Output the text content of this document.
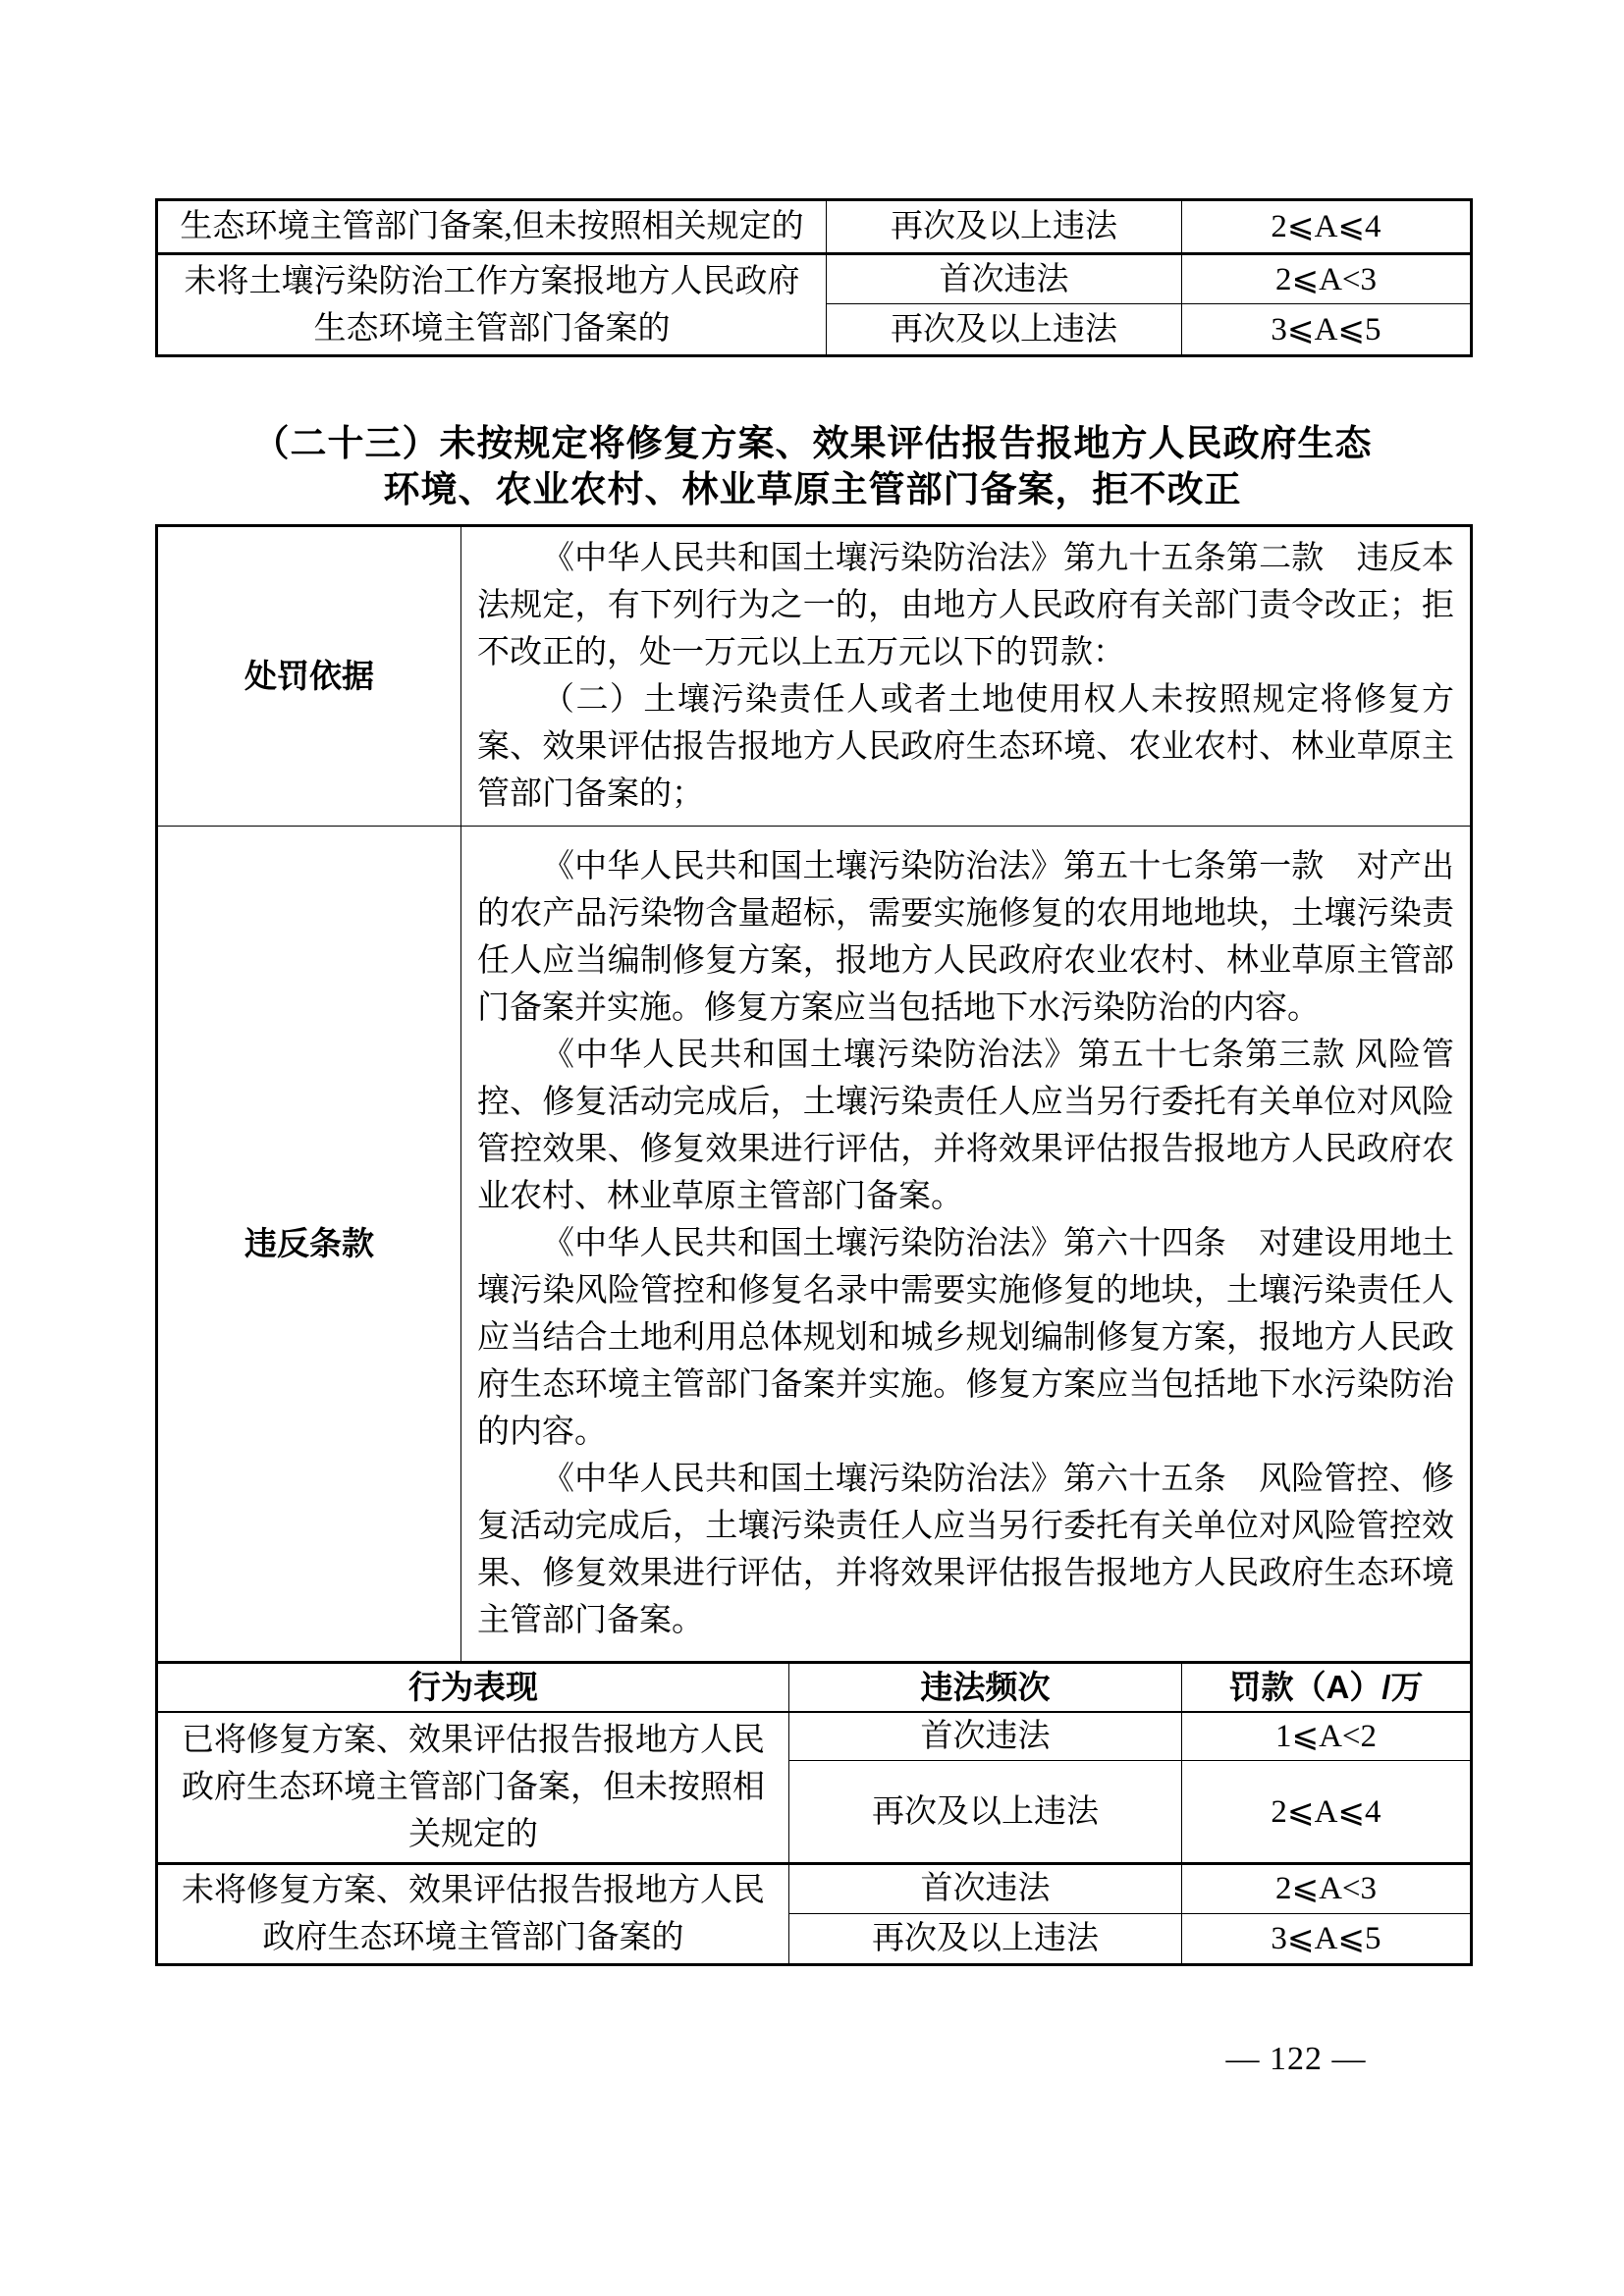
生态环境主管部门备案,但未按照相关规定的	再次及以上违法	2⩽A⩽4
未将土壤污染防治工作方案报地方人民政府生态环境主管部门备案的	首次违法	2⩽A<3
	再次及以上违法	3⩽A⩽5
（二十三）未按规定将修复方案、效果评估报告报地方人民政府生态
环境、农业农村、林业草原主管部门备案，拒不改正
处罚依据	《中华人民共和国土壤污染防治法》第九十五条第二款　违反本法规定，有下列行为之一的，由地方人民政府有关部门责令改正；拒不改正的，处一万元以上五万元以下的罚款：

（二）土壤污染责任人或者土地使用权人未按照规定将修复方案、效果评估报告报地方人民政府生态环境、农业农村、林业草原主管部门备案的；

违反条款	《中华人民共和国土壤污染防治法》第五十七条第一款　对产出的农产品污染物含量超标，需要实施修复的农用地地块，土壤污染责任人应当编制修复方案，报地方人民政府农业农村、林业草原主管部门备案并实施。修复方案应当包括地下水污染防治的内容。

《中华人民共和国土壤污染防治法》第五十七条第三款 风险管控、修复活动完成后，土壤污染责任人应当另行委托有关单位对风险管控效果、修复效果进行评估，并将效果评估报告报地方人民政府农业农村、林业草原主管部门备案。

《中华人民共和国土壤污染防治法》第六十四条　对建设用地土壤污染风险管控和修复名录中需要实施修复的地块，土壤污染责任人应当结合土地利用总体规划和城乡规划编制修复方案，报地方人民政府生态环境主管部门备案并实施。修复方案应当包括地下水污染防治的内容。

《中华人民共和国土壤污染防治法》第六十五条　风险管控、修复活动完成后，土壤污染责任人应当另行委托有关单位对风险管控效果、修复效果进行评估，并将效果评估报告报地方人民政府生态环境主管部门备案。

行为表现	违法频次	罚款（A）/万
已将修复方案、效果评估报告报地方人民政府生态环境主管部门备案，但未按照相关规定的	首次违法	1⩽A<2
	再次及以上违法	2⩽A⩽4
未将修复方案、效果评估报告报地方人民政府生态环境主管部门备案的	首次违法	2⩽A<3
	再次及以上违法	3⩽A⩽5
— 122 —
